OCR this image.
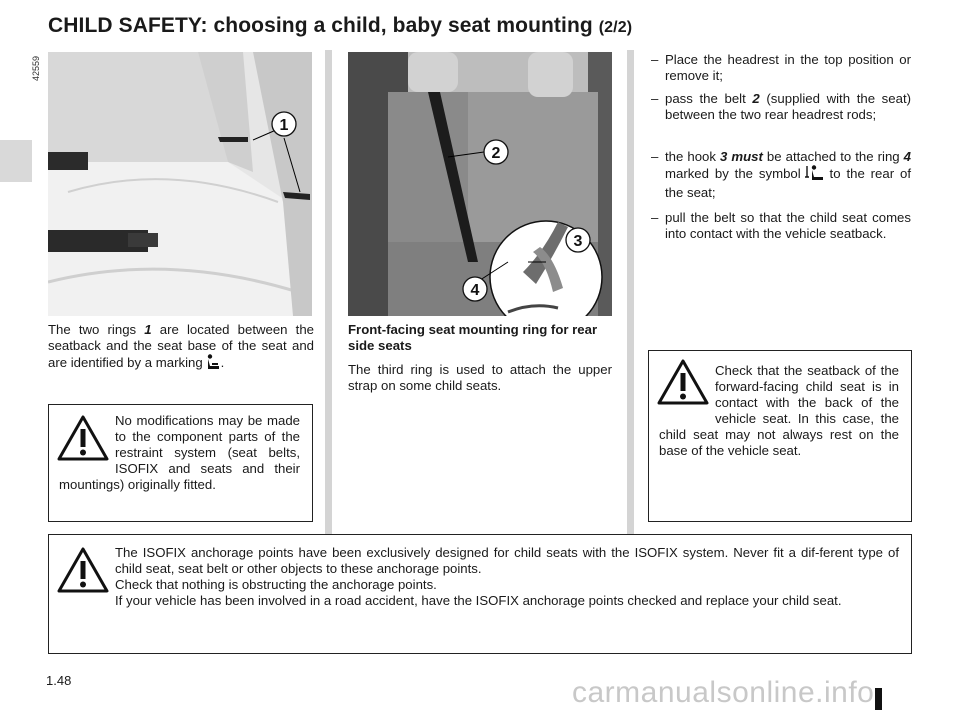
CHILD SAFETY: choosing a child, baby seat mounting (2/2)
42559
1
2
3
4
The two rings 1 are located between the seatback and the seat base of the seat and are identified by a marking .
No modifications may be made to the component parts of the restraint system (seat belts, ISOFIX and seats and their mountings) originally fitted.
Front-facing seat mounting ring for rear side seats
The third ring is used to attach the upper strap on some child seats.
– Place the headrest in the top position or remove it;
– pass the belt 2 (supplied with the seat) between the two rear headrest rods;
– the hook 3 must be attached to the ring 4 marked by the symbol to the rear of the seat;
– pull the belt so that the child seat comes into contact with the vehicle seatback.
Check that the seatback of the forward-facing child seat is in contact with the back of the vehicle seat. In this case, the child seat may not always rest on the base of the vehicle seat.
The ISOFIX anchorage points have been exclusively designed for child seats with the ISOFIX system. Never fit a dif-ferent type of child seat, seat belt or other objects to these anchorage points.
Check that nothing is obstructing the anchorage points.
If your vehicle has been involved in a road accident, have the ISOFIX anchorage points checked and replace your child seat.
1.48	carmanualsonline.info
